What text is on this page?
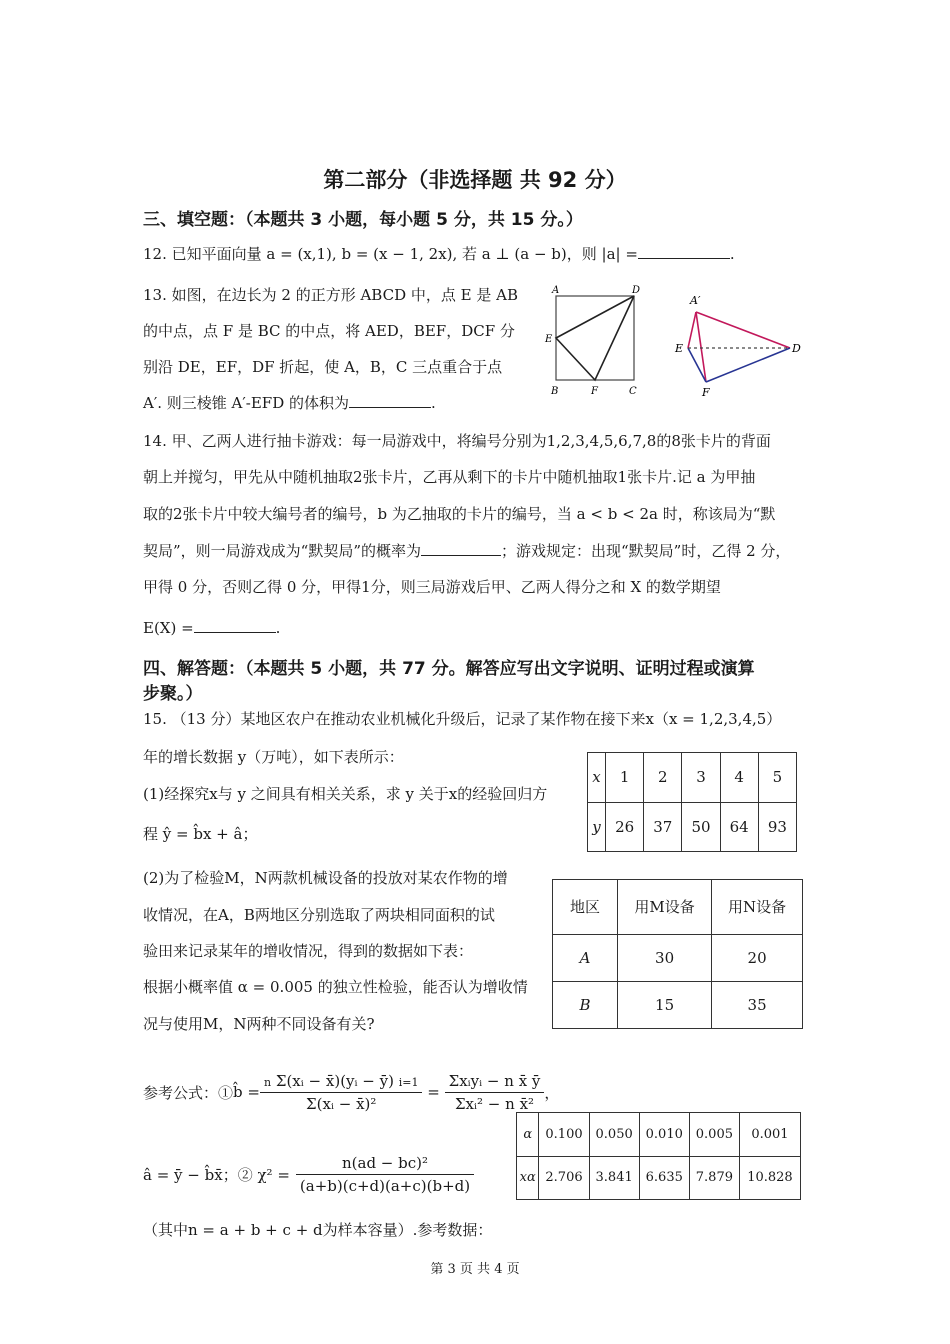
第二部分（非选择题 共 92 分）
三、填空题：（本题共 3 小题，每小题 5 分，共 15 分。）
12. 已知平面向量 a = (x,1), b = (x − 1, 2x), 若 a ⊥ (a − b)，则 |a| =	.
13. 如图，在边长为 2 的正方形 ABCD 中，点 E 是 AB
的中点，点 F 是 BC 的中点，将 AED，BEF，DCF 分
别沿 DE，EF，DF 折起，使 A，B，C 三点重合于点
A′. 则三棱锥 A′-EFD 的体积为	.
A	D
E
B	F	C
A′
E	D
F
14. 甲、乙两人进行抽卡游戏：每一局游戏中，将编号分别为1,2,3,4,5,6,7,8的8张卡片的背面
朝上并搅匀，甲先从中随机抽取2张卡片，乙再从剩下的卡片中随机抽取1张卡片.记 a 为甲抽
取的2张卡片中较大编号者的编号，b 为乙抽取的卡片的编号，当 a < b < 2a 时，称该局为“默
契局”，则一局游戏成为“默契局”的概率为	；游戏规定：出现“默契局”时，乙得 2 分，
甲得 0 分，否则乙得 0 分，甲得1分，则三局游戏后甲、乙两人得分之和 X 的数学期望
E(X) =	.
四、解答题：（本题共 5 小题，共 77 分。解答应写出文字说明、证明过程或演算
步聚。）
15. （13 分）某地区农户在推动农业机械化升级后，记录了某作物在接下来x（x = 1,2,3,4,5）
年的增长数据 y（万吨），如下表所示：
(1)经探究x与 y 之间具有相关关系，求 y 关于x的经验回归方
程 ŷ = b̂x + â；
x	1	2	3	4	5
y	26	37	50	64	93
(2)为了检验M，N两款机械设备的投放对某农作物的增
收情况，在A，B两地区分别选取了两块相同面积的试
验田来记录某年的增收情况，得到的数据如下表：
根据小概率值 α = 0.005 的独立性检验，能否认为增收情
况与使用M，N两种不同设备有关?
地区	用M设备	用N设备
A	30	20
B	15	35
参考公式：① b̂ = $\frac{\text{n Σ(xᵢ − x̄)(yᵢ − ȳ) i=1}}{\text{Σ(xᵢ − x̄)²}} = \frac{\text{Σxᵢyᵢ − n x̄ ȳ}}{\text{Σxᵢ² − n x̄²}}$ ，
â = ȳ − b̂x̄；② $\chi^2 = \frac{\text{n(ad − bc)²}}{(a+b)(c+d)(a+c)(b+d)}$
α	0.100	0.050	0.010	0.005	0.001
xα	2.706	3.841	6.635	7.879	10.828
（其中n = a + b + c + d为样本容量）.参考数据：
第 3 页 共 4 页
